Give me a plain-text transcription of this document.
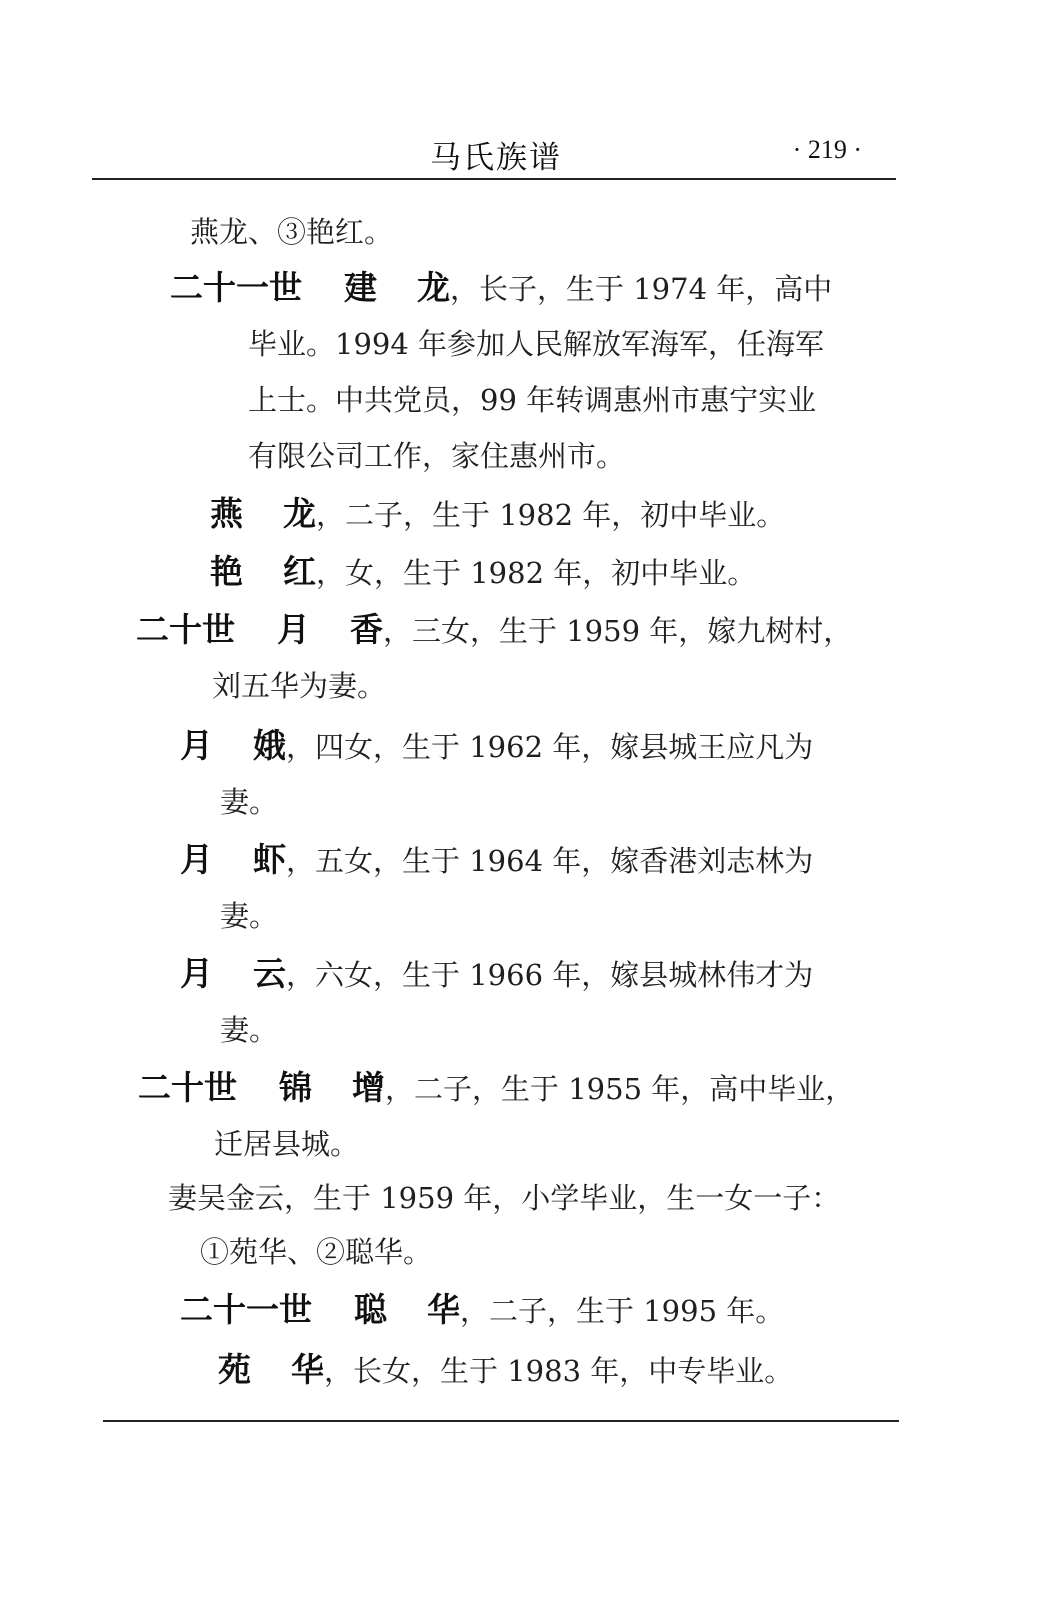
马氏族谱	· 219 ·
燕龙、③艳红。
二十一世 建龙，长子，生于 1974 年，高中
毕业。1994 年参加人民解放军海军，任海军
上士。中共党员，99 年转调惠州市惠宁实业
有限公司工作，家住惠州市。
燕龙，二子，生于 1982 年，初中毕业。
艳红，女，生于 1982 年，初中毕业。
二十世 月香，三女，生于 1959 年，嫁九树村，
刘五华为妻。
月娥，四女，生于 1962 年，嫁县城王应凡为
妻。
月虾，五女，生于 1964 年，嫁香港刘志林为
妻。
月云，六女，生于 1966 年，嫁县城林伟才为
妻。
二十世 锦增，二子，生于 1955 年，高中毕业，
迁居县城。
妻吴金云，生于 1959 年，小学毕业，生一女一子：
①苑华、②聪华。
二十一世 聪华，二子，生于 1995 年。
苑华，长女，生于 1983 年，中专毕业。
